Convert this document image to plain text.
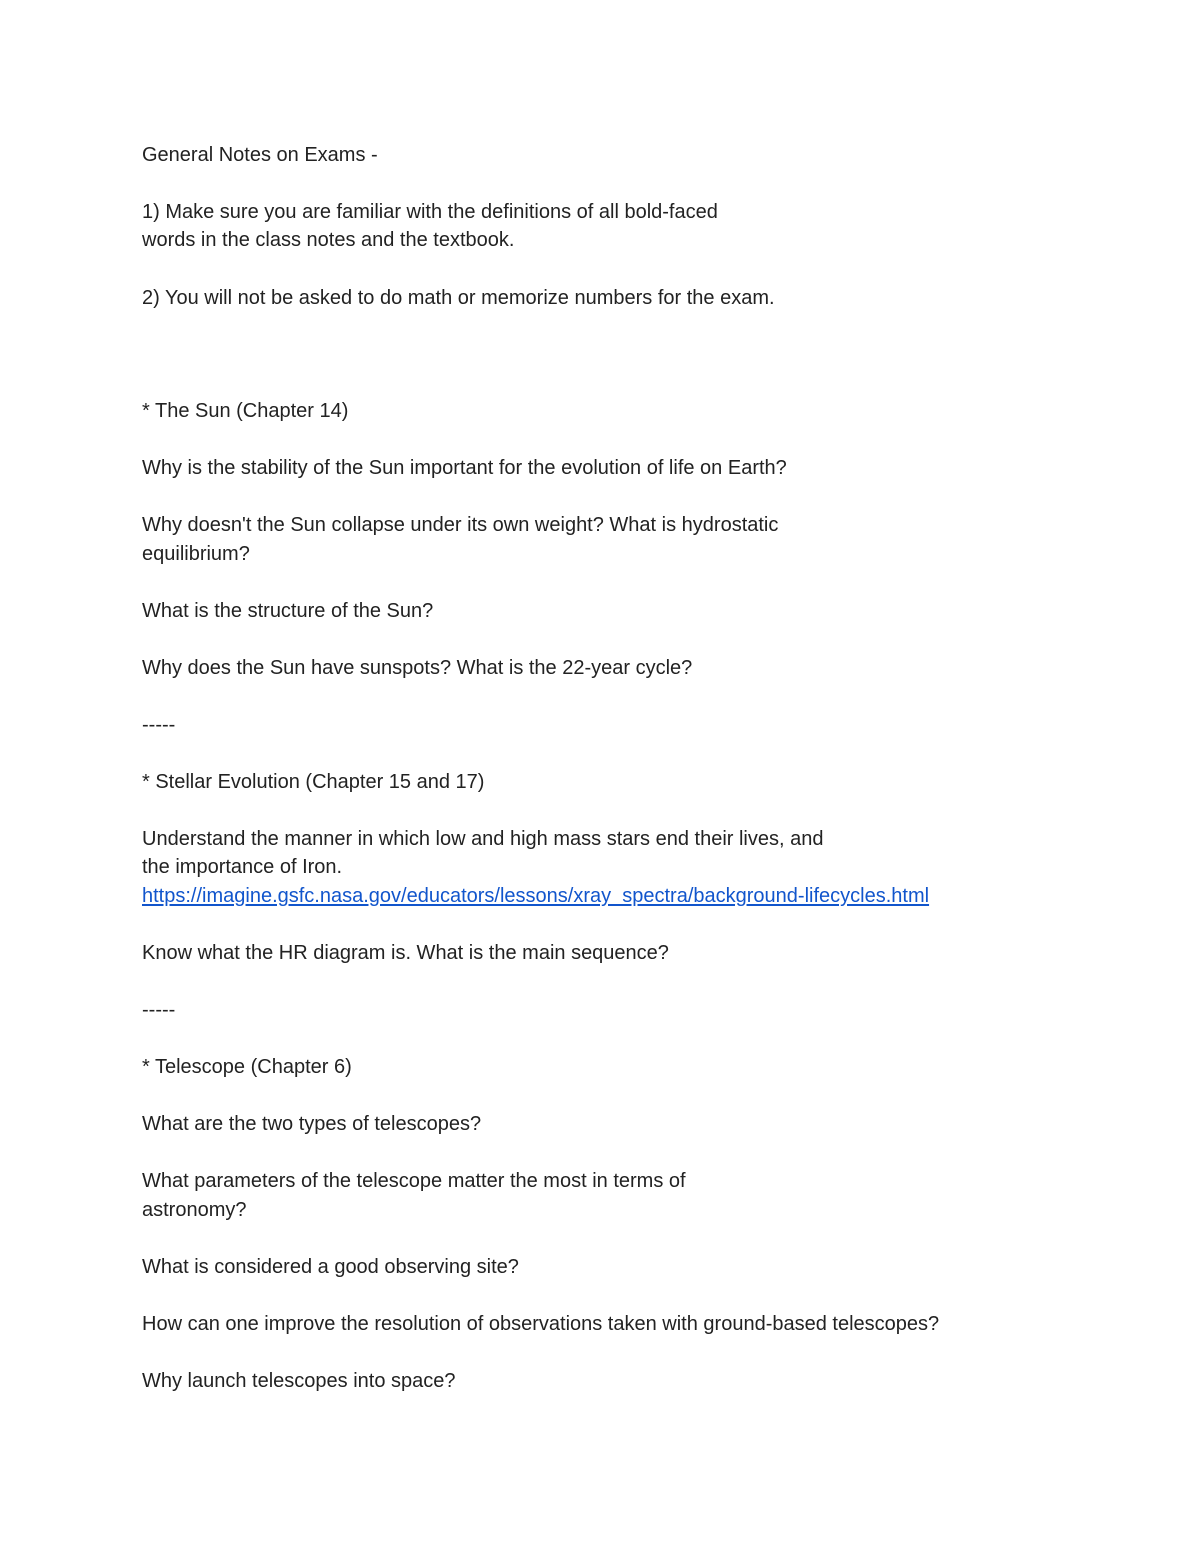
General Notes on Exams -

1) Make sure you are familiar with the definitions of all bold-faced

words in the class notes and the textbook.

2) You will not be asked to do math or memorize numbers for the exam.

* The Sun (Chapter 14)

Why is the stability of the Sun important for the evolution of life on Earth?

Why doesn't the Sun collapse under its own weight? What is hydrostatic

equilibrium?

What is the structure of the Sun?

Why does the Sun have sunspots? What is the 22-year cycle?

-----

* Stellar Evolution (Chapter 15 and 17)

Understand the manner in which low and high mass stars end their lives, and

the importance of Iron.

https://imagine.gsfc.nasa.gov/educators/lessons/xray_spectra/background-lifecycles.html

Know what the HR diagram is. What is the main sequence?

-----

* Telescope (Chapter 6)

What are the two types of telescopes?

What parameters of the telescope matter the most in terms of

astronomy?

What is considered a good observing site?

How can one improve the resolution of observations taken with ground-based telescopes?

Why launch telescopes into space?
